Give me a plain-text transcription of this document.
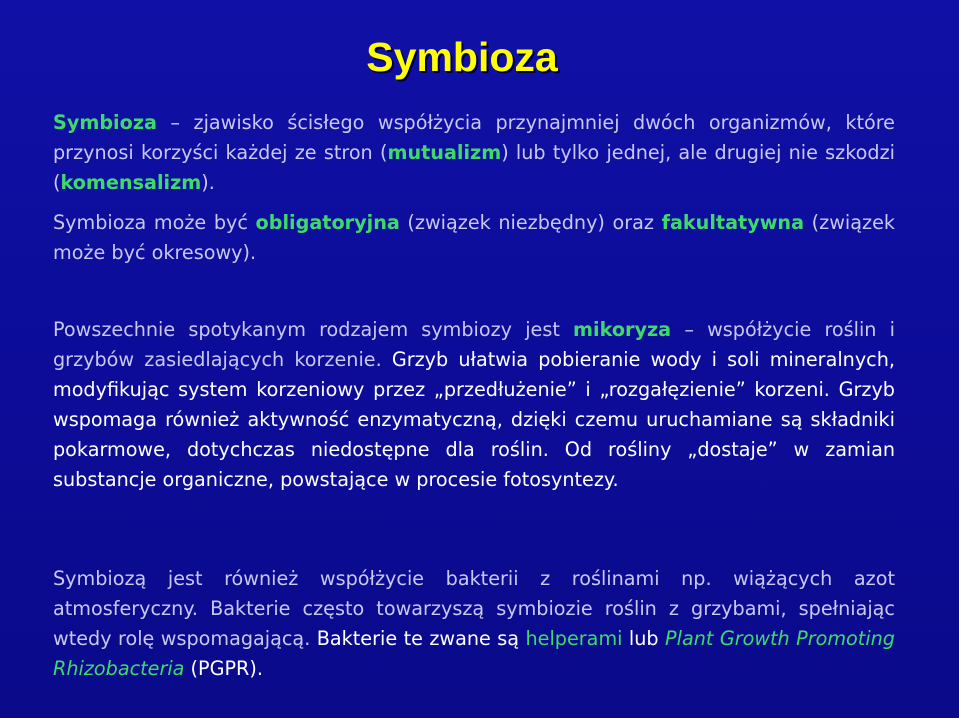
Symbioza
Symbioza – zjawisko ścisłego współżycia przynajmniej dwóch organizmów, które przynosi korzyści każdej ze stron (mutualizm) lub tylko jednej, ale drugiej nie szkodzi (komensalizm).
Symbioza może być obligatoryjna (związek niezbędny) oraz fakultatywna (związek może być okresowy).
Powszechnie spotykanym rodzajem symbiozy jest mikoryza – współżycie roślin i grzybów zasiedlających korzenie. Grzyb ułatwia pobieranie wody i soli mineralnych, modyfikując system korzeniowy przez „przedłużenie” i „rozgałęzienie” korzeni. Grzyb wspomaga również aktywność enzymatyczną, dzięki czemu uruchamiane są składniki pokarmowe, dotychczas niedostępne dla roślin. Od rośliny „dostaje” w zamian substancje organiczne, powstające w procesie fotosyntezy.
Symbiozą jest również współżycie bakterii z roślinami np. wiążących azot atmosferyczny. Bakterie często towarzyszą symbiozie roślin z grzybami, spełniając wtedy rolę wspomagającą. Bakterie te zwane są helperami lub Plant Growth Promoting Rhizobacteria (PGPR).
